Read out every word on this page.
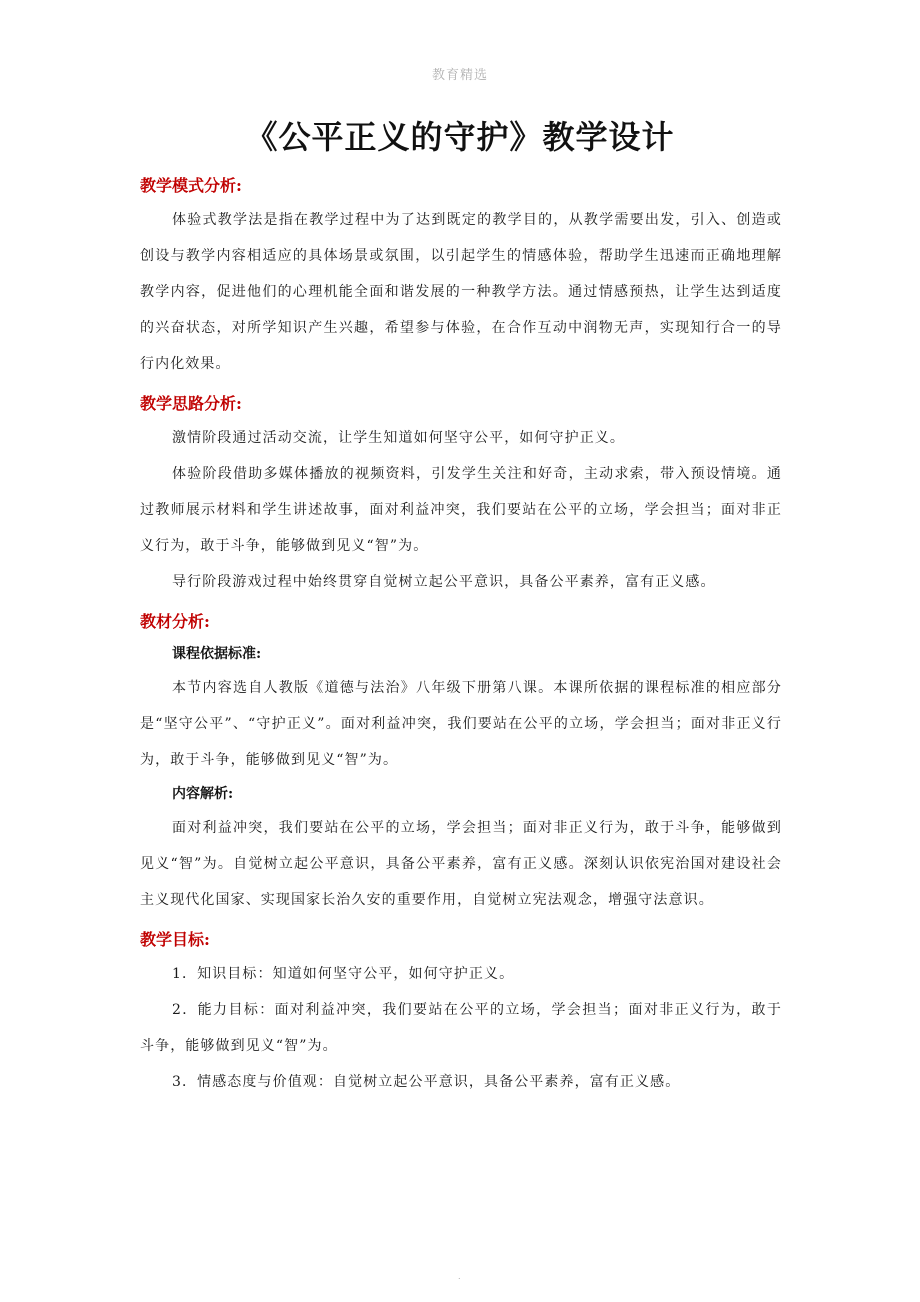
教育精选
《公平正义的守护》教学设计
教学模式分析:

体验式教学法是指在教学过程中为了达到既定的教学目的，从教学需要出发，引入、创造或创设与教学内容相适应的具体场景或氛围，以引起学生的情感体验，帮助学生迅速而正确地理解教学内容，促进他们的心理机能全面和谐发展的一种教学方法。通过情感预热，让学生达到适度的兴奋状态，对所学知识产生兴趣，希望参与体验，在合作互动中润物无声，实现知行合一的导行内化效果。

教学思路分析:

激情阶段通过活动交流，让学生知道如何坚守公平，如何守护正义。

体验阶段借助多媒体播放的视频资料，引发学生关注和好奇，主动求索，带入预设情境。通过教师展示材料和学生讲述故事，面对利益冲突，我们要站在公平的立场，学会担当；面对非正义行为，敢于斗争，能够做到见义“智”为。

导行阶段游戏过程中始终贯穿自觉树立起公平意识，具备公平素养，富有正义感。

教材分析:
课程依据标准:

本节内容选自人教版《道德与法治》八年级下册第八课。本课所依据的课程标准的相应部分是“坚守公平”、“守护正义”。面对利益冲突，我们要站在公平的立场，学会担当；面对非正义行为，敢于斗争，能够做到见义“智”为。

内容解析:

面对利益冲突，我们要站在公平的立场，学会担当；面对非正义行为，敢于斗争，能够做到见义“智”为。自觉树立起公平意识，具备公平素养，富有正义感。深刻认识依宪治国对建设社会主义现代化国家、实现国家长治久安的重要作用，自觉树立宪法观念，增强守法意识。

教学目标:

1．知识目标：知道如何坚守公平，如何守护正义。

2．能力目标：面对利益冲突，我们要站在公平的立场，学会担当；面对非正义行为，敢于斗争，能够做到见义“智”为。

3．情感态度与价值观：自觉树立起公平意识，具备公平素养，富有正义感。

.
